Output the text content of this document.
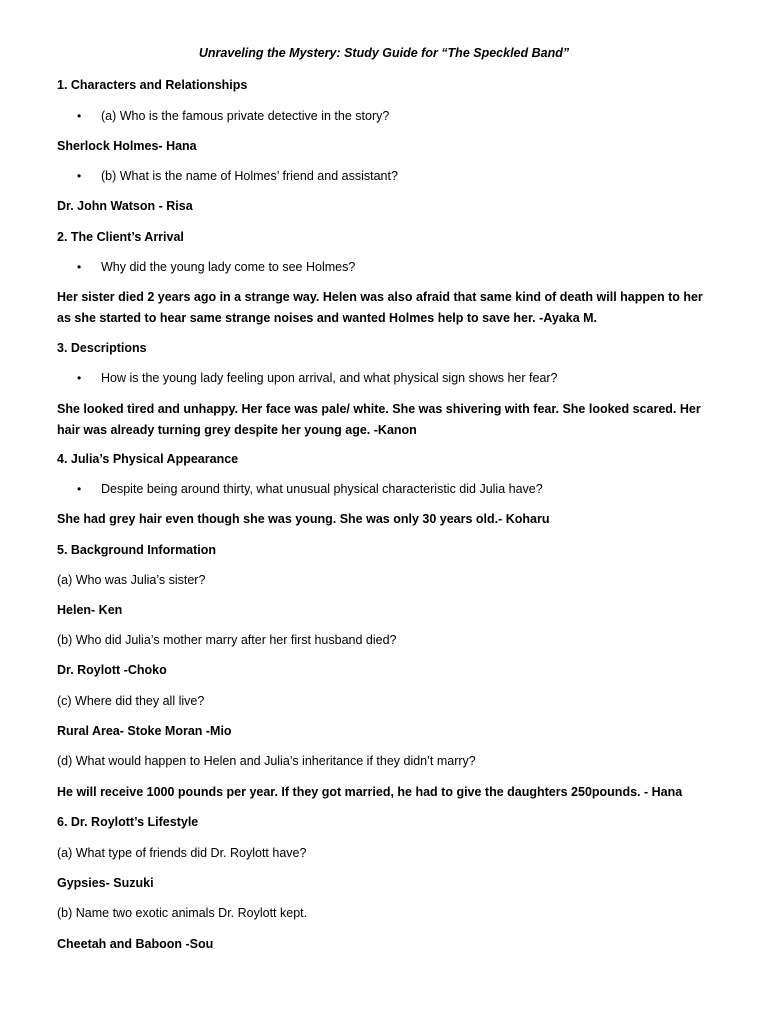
Unraveling the Mystery: Study Guide for “The Speckled Band”
1. Characters and Relationships
• (a) Who is the famous private detective in the story?
Sherlock Holmes- Hana
• (b) What is the name of Holmes’ friend and assistant?
Dr. John Watson - Risa
2. The Client’s Arrival
• Why did the young lady come to see Holmes?
Her sister died 2 years ago in a strange way. Helen was also afraid that same kind of death will happen to her as she started to hear same strange noises and wanted Holmes help to save her. -Ayaka M.
3. Descriptions
• How is the young lady feeling upon arrival, and what physical sign shows her fear?
She looked tired and unhappy. Her face was pale/ white. She was shivering with fear. She looked scared. Her hair was already turning grey despite her young age. -Kanon
4. Julia’s Physical Appearance
• Despite being around thirty, what unusual physical characteristic did Julia have?
She had grey hair even though she was young. She was only 30 years old.- Koharu
5. Background Information
(a) Who was Julia’s sister?
Helen- Ken
(b) Who did Julia’s mother marry after her first husband died?
Dr. Roylott -Choko
(c) Where did they all live?
Rural Area- Stoke Moran -Mio
(d) What would happen to Helen and Julia’s inheritance if they didn’t marry?
He will receive 1000 pounds per year. If they got married, he had to give the daughters 250pounds. - Hana
6. Dr. Roylott’s Lifestyle
(a) What type of friends did Dr. Roylott have?
Gypsies- Suzuki
(b) Name two exotic animals Dr. Roylott kept.
Cheetah and Baboon -Sou
